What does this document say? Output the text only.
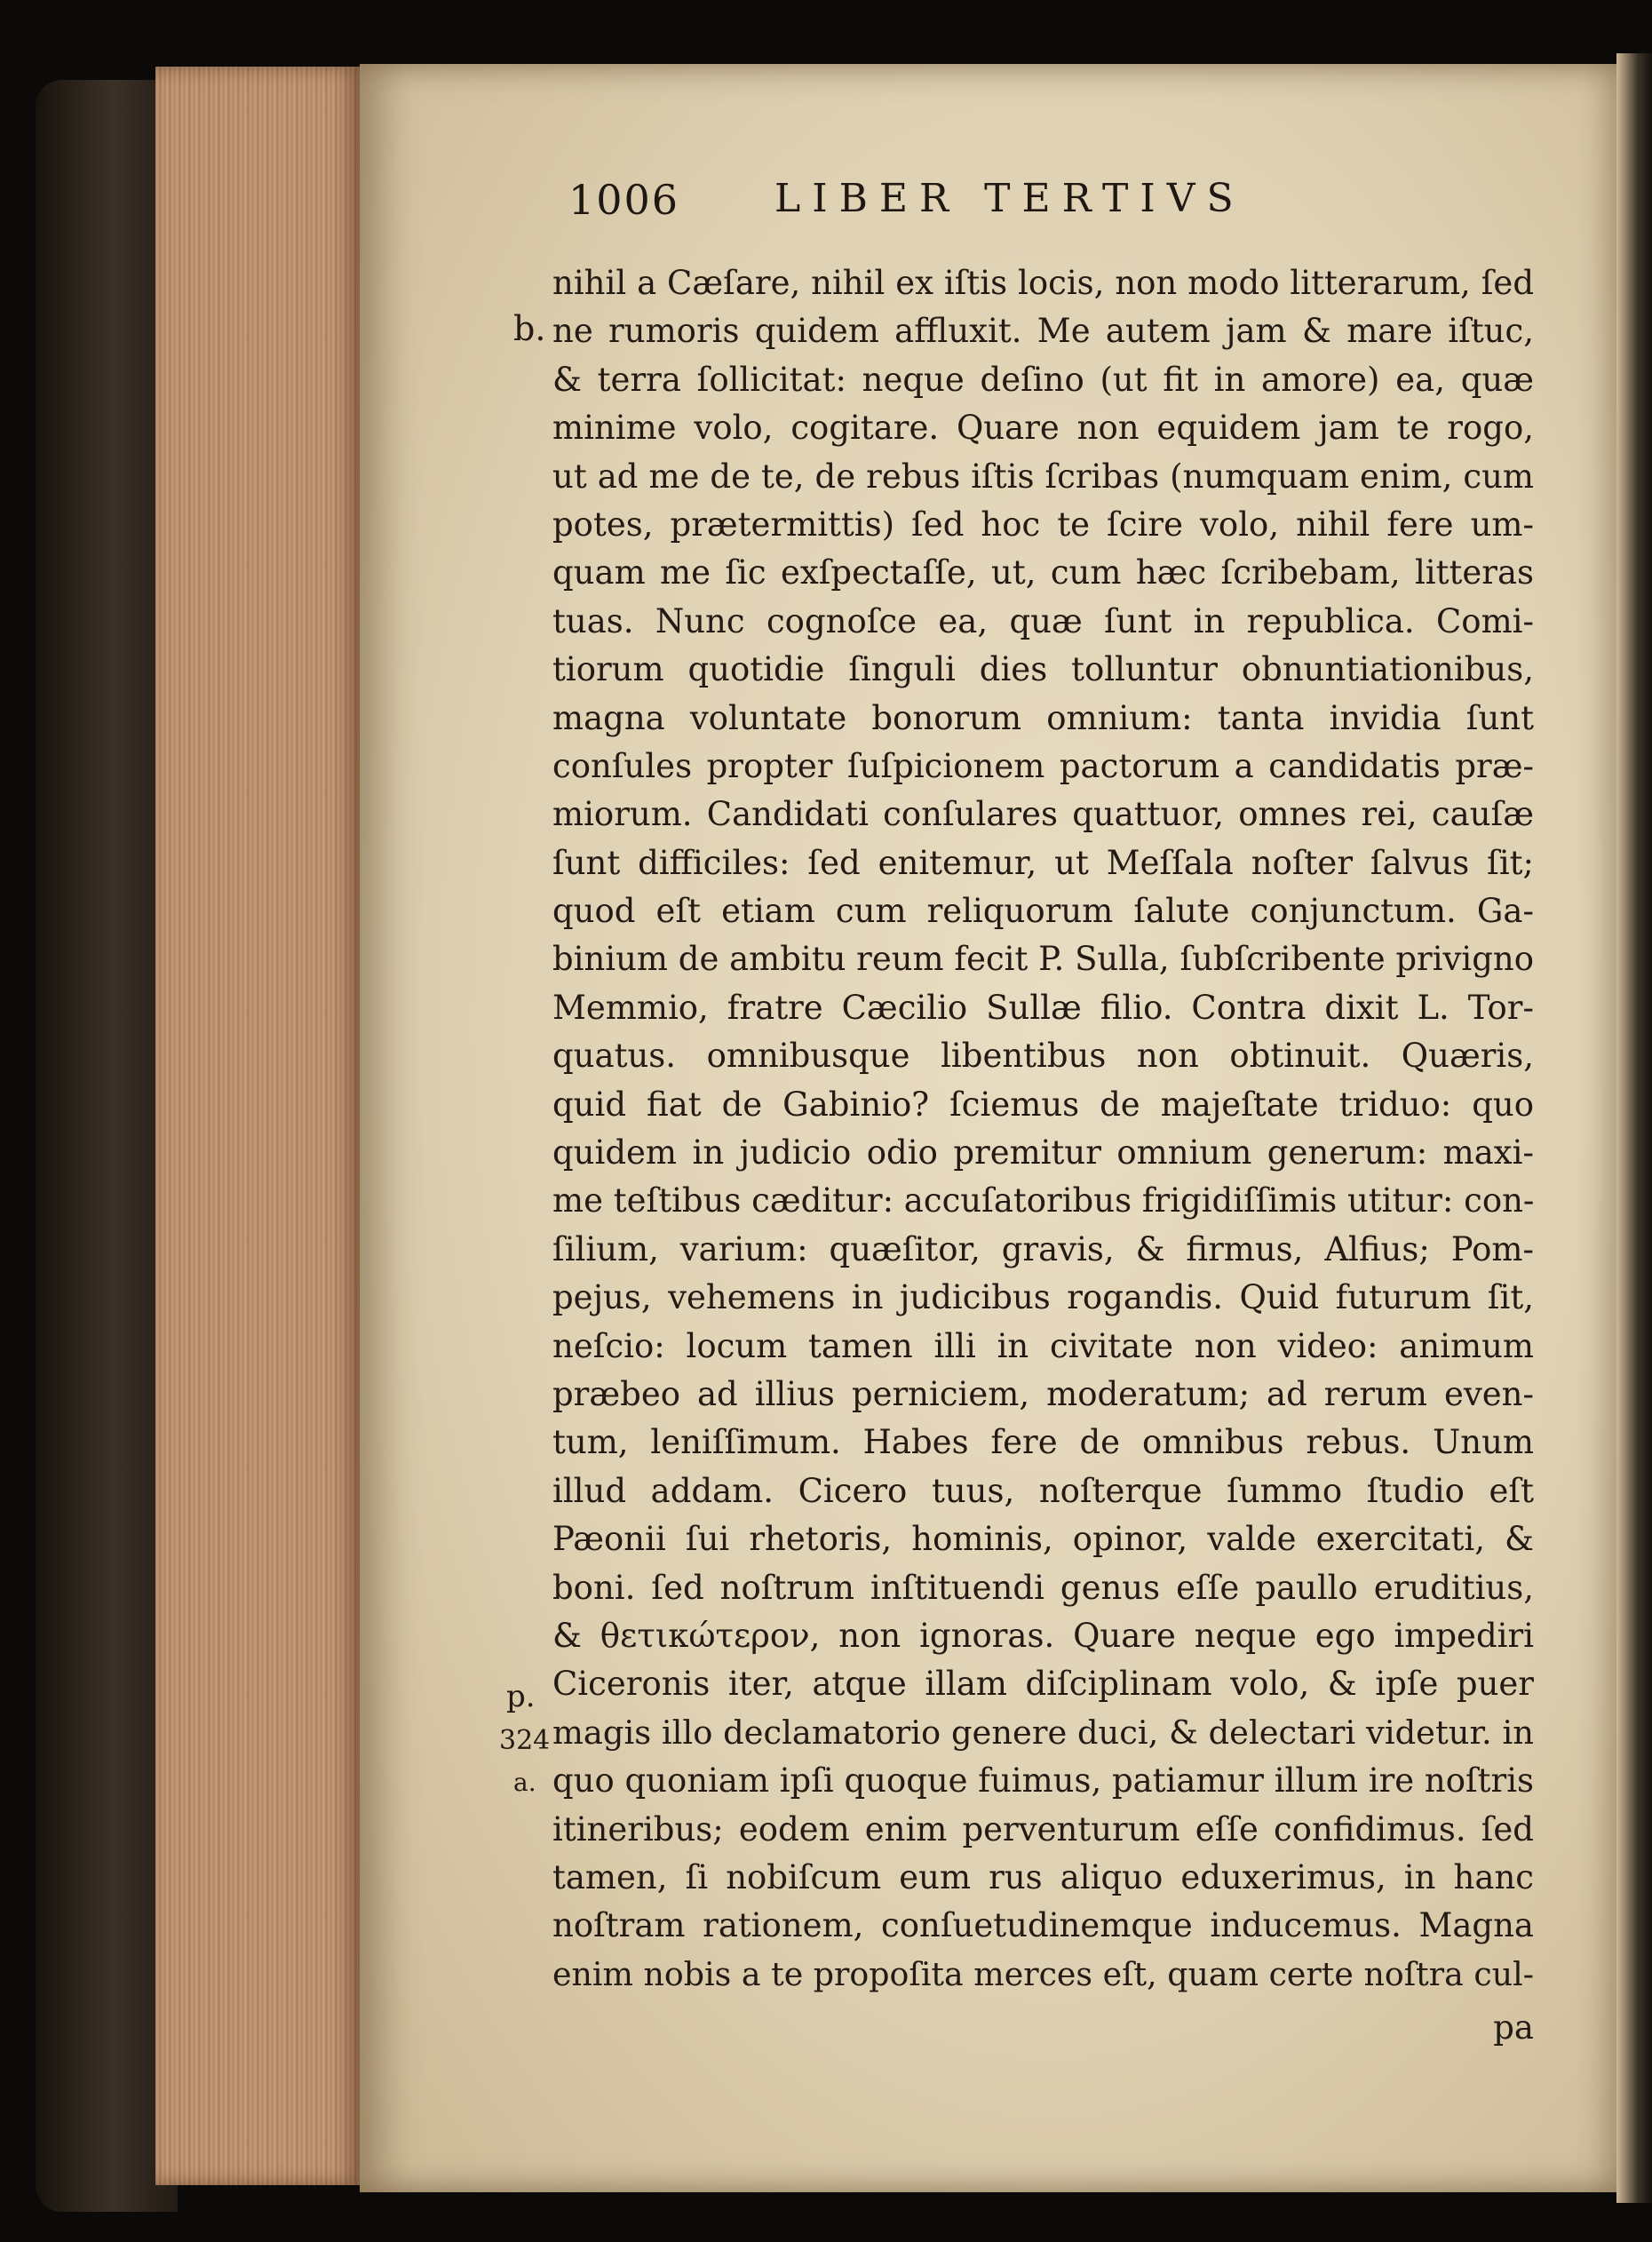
1006 LIBER TERTIVS
b.
p.
324
a.
nihil a Cæſare, nihil ex iſtis locis, non modo litterarum, ſed
ne rumoris quidem affluxit. Me autem jam & mare iſtuc,
& terra ſollicitat: neque deſino (ut fit in amore) ea, quæ
minime volo, cogitare. Quare non equidem jam te rogo,
ut ad me de te, de rebus iſtis ſcribas (numquam enim, cum
potes, prætermittis) ſed hoc te ſcire volo, nihil fere um-
quam me ſic exſpectaſſe, ut, cum hæc ſcribebam, litteras
tuas. Nunc cognoſce ea, quæ ſunt in republica. Comi-
tiorum quotidie ſinguli dies tolluntur obnuntiationibus,
magna voluntate bonorum omnium: tanta invidia ſunt
conſules propter ſuſpicionem pactorum a candidatis præ-
miorum. Candidati conſulares quattuor, omnes rei, cauſæ
ſunt difficiles: ſed enitemur, ut Meſſala noſter ſalvus ſit;
quod eſt etiam cum reliquorum ſalute conjunctum. Ga-
binium de ambitu reum fecit P. Sulla, ſubſcribente privigno
Memmio, fratre Cæcilio Sullæ filio. Contra dixit L. Tor-
quatus. omnibusque libentibus non obtinuit. Quæris,
quid fiat de Gabinio? ſciemus de majeſtate triduo: quo
quidem in judicio odio premitur omnium generum: maxi-
me teſtibus cæditur: accuſatoribus frigidiſſimis utitur: con-
ſilium, varium: quæſitor, gravis, & firmus, Alfius; Pom-
pejus, vehemens in judicibus rogandis. Quid futurum ſit,
neſcio: locum tamen illi in civitate non video: animum
præbeo ad illius perniciem, moderatum; ad rerum even-
tum, leniſſimum. Habes fere de omnibus rebus. Unum
illud addam. Cicero tuus, noſterque ſummo ſtudio eſt
Pæonii ſui rhetoris, hominis, opinor, valde exercitati, &
boni. ſed noſtrum inſtituendi genus eſſe paullo eruditius,
& θετικώτερον, non ignoras. Quare neque ego impediri
Ciceronis iter, atque illam diſciplinam volo, & ipſe puer
magis illo declamatorio genere duci, & delectari videtur. in
quo quoniam ipſi quoque fuimus, patiamur illum ire noſtris
itineribus; eodem enim perventurum eſſe confidimus. ſed
tamen, ſi nobiſcum eum rus aliquo eduxerimus, in hanc
noſtram rationem, conſuetudinemque inducemus. Magna
enim nobis a te propoſita merces eſt, quam certe noſtra cul-
pa
